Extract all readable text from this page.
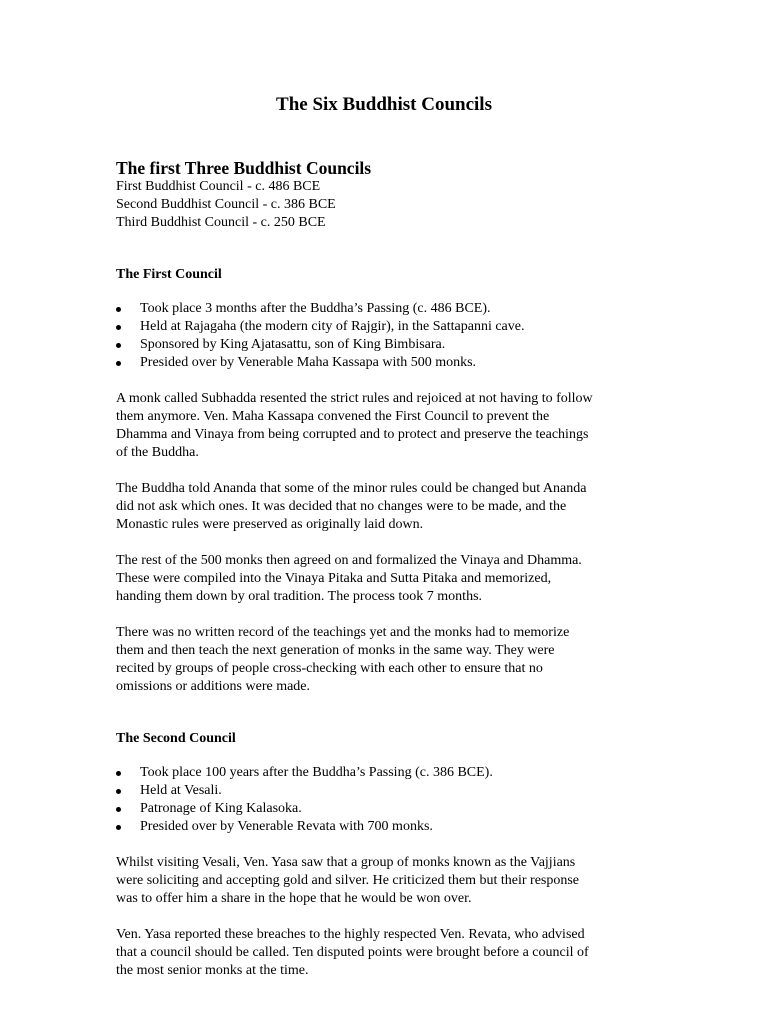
The Six Buddhist Councils
The first Three Buddhist Councils
First Buddhist Council - c. 486 BCE
Second Buddhist Council - c. 386 BCE
Third Buddhist Council - c. 250 BCE
The First Council
Took place 3 months after the Buddha’s Passing (c. 486 BCE).
Held at Rajagaha (the modern city of Rajgir), in the Sattapanni cave.
Sponsored by King Ajatasattu, son of King Bimbisara.
Presided over by Venerable Maha Kassapa with 500 monks.
A monk called Subhadda resented the strict rules and rejoiced at not having to follow
them anymore. Ven. Maha Kassapa convened the First Council to prevent the
Dhamma and Vinaya from being corrupted and to protect and preserve the teachings
of the Buddha.
The Buddha told Ananda that some of the minor rules could be changed but Ananda
did not ask which ones. It was decided that no changes were to be made, and the
Monastic rules were preserved as originally laid down.
The rest of the 500 monks then agreed on and formalized the Vinaya and Dhamma.
These were compiled into the Vinaya Pitaka and Sutta Pitaka and memorized,
handing them down by oral tradition. The process took 7 months.
There was no written record of the teachings yet and the monks had to memorize
them and then teach the next generation of monks in the same way. They were
recited by groups of people cross-checking with each other to ensure that no
omissions or additions were made.
The Second Council
Took place 100 years after the Buddha’s Passing (c. 386 BCE).
Held at Vesali.
Patronage of King Kalasoka.
Presided over by Venerable Revata with 700 monks.
Whilst visiting Vesali, Ven. Yasa saw that a group of monks known as the Vajjians
were soliciting and accepting gold and silver. He criticized them but their response
was to offer him a share in the hope that he would be won over.
Ven. Yasa reported these breaches to the highly respected Ven. Revata, who advised
that a council should be called. Ten disputed points were brought before a council of
the most senior monks at the time.
